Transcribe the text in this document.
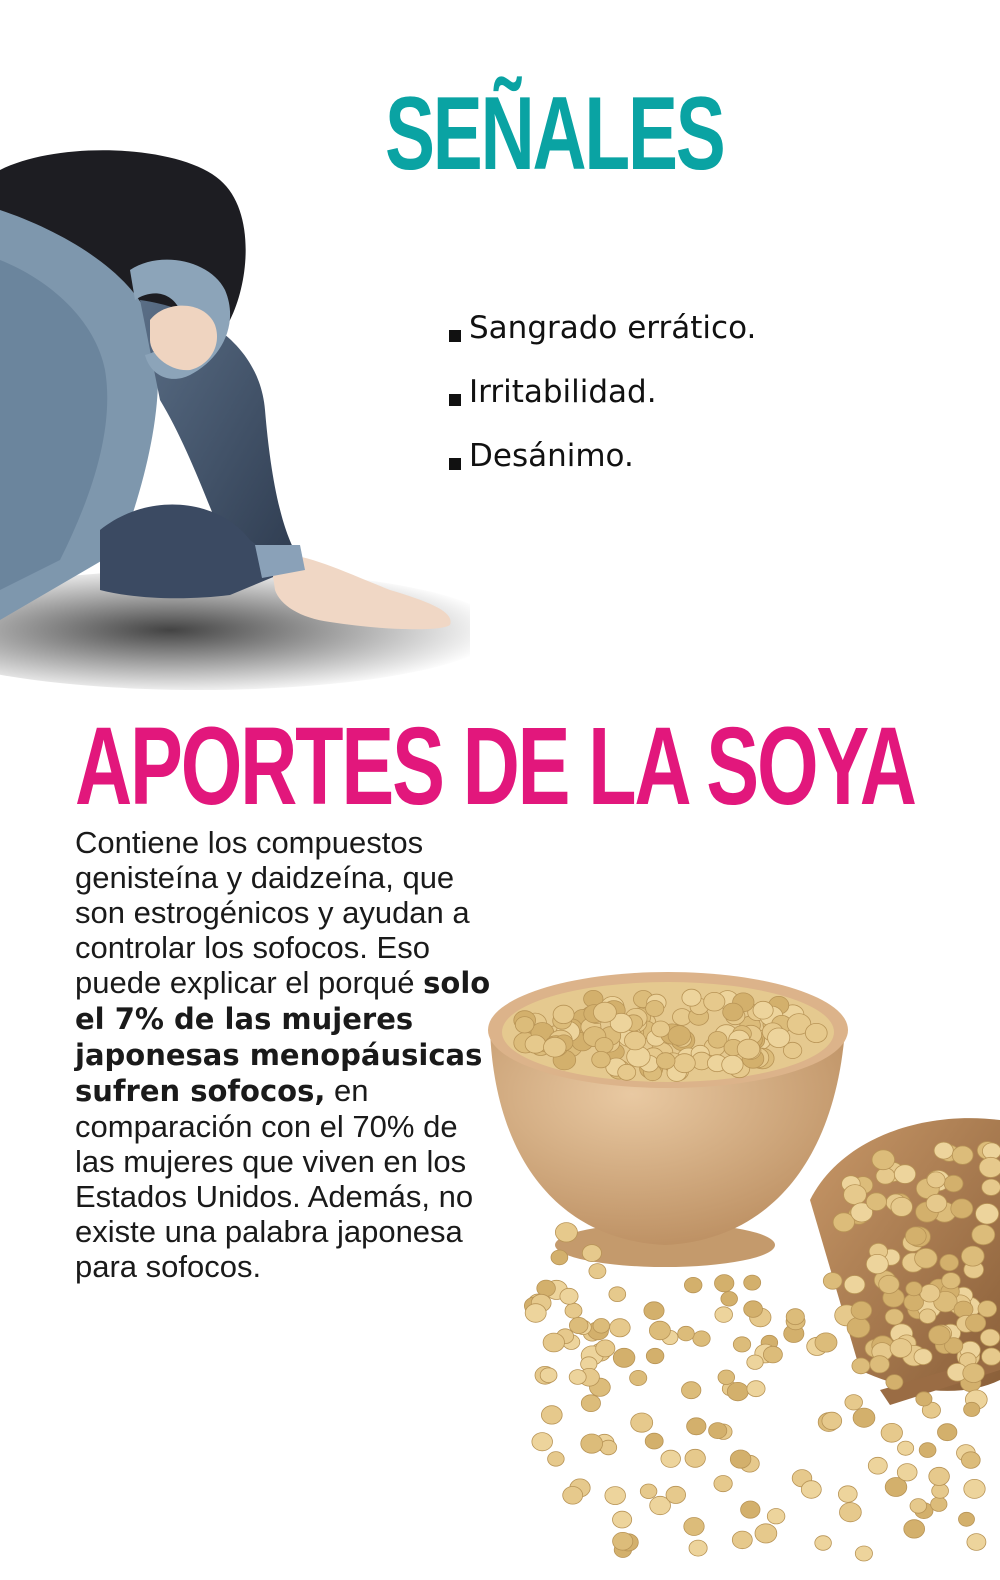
SEÑALES
Sangrado errático.
Irritabilidad.
Desánimo.
APORTES DE LA SOYA

Contiene los compuestos genisteína y daidzeína, que son estrogénicos y ayudan a controlar los sofocos. Eso puede explicar el porqué solo el 7% de las mujeres japonesas menopáusicas sufren sofocos, en comparación con el 70% de las mujeres que viven en los Estados Unidos. Además, no existe una palabra japonesa para sofocos.
